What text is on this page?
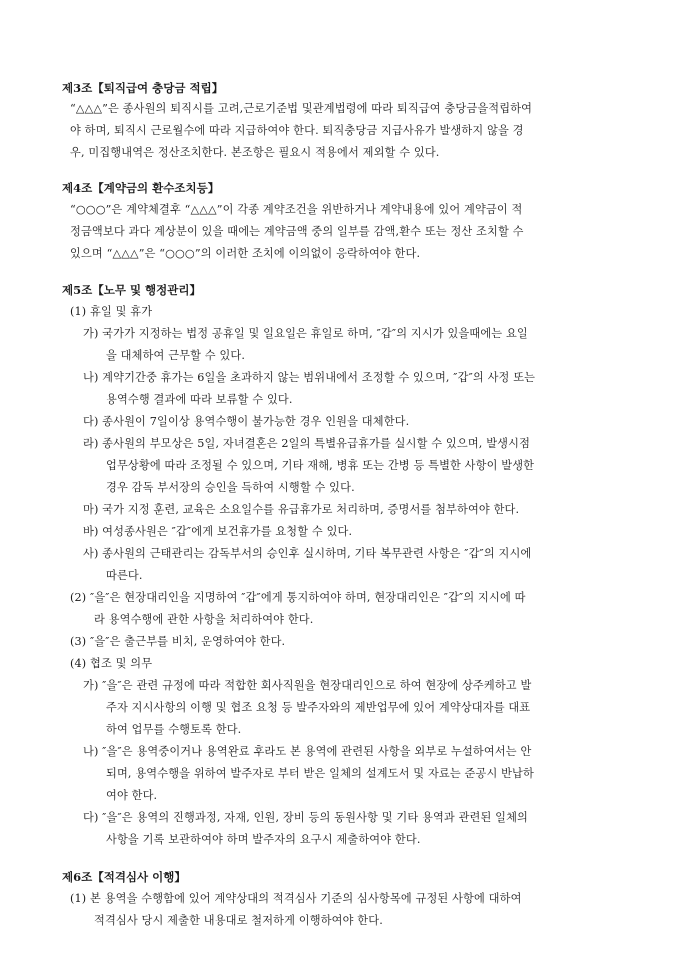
제3조【퇴직급여 충당금 적립】
“△△△”은 종사원의 퇴직시를 고려,근로기준법 및관계법령에 따라 퇴직급여 충당금을적립하여
야 하며, 퇴직시 근로월수에 따라 지급하여야 한다. 퇴직충당금 지급사유가 발생하지 않을 경
우, 미집행내역은 정산조치한다. 본조항은 필요시 적용에서 제외할 수 있다.
제4조【계약금의 환수조치등】
“○○○”은 계약체결후 “△△△”이 각종 계약조건을 위반하거나 계약내용에 있어 계약금이 적
정금액보다 과다 계상분이 있을 때에는 계약금액 중의 일부를 감액,환수 또는 정산 조치할 수
있으며 “△△△”은 “○○○”의 이러한 조치에 이의없이 응락하여야 한다.
제5조【노무 및 행정관리】
(1) 휴일 및 휴가
가) 국가가 지정하는 법정 공휴일 및 일요일은 휴일로 하며, ″갑″의 지시가 있을때에는 요일
을 대체하여 근무할 수 있다.
나) 계약기간중 휴가는 6일을 초과하지 않는 범위내에서 조정할 수 있으며, ″갑″의 사정 또는
용역수행 결과에 따라 보류할 수 있다.
다) 종사원이 7일이상 용역수행이 불가능한 경우 인원을 대체한다.
라) 종사원의 부모상은 5일, 자녀결혼은 2일의 특별유급휴가를 실시할 수 있으며, 발생시점
업무상황에 따라 조정될 수 있으며, 기타 재해, 병휴 또는 간병 등 특별한 사항이 발생한
경우 감독 부서장의 승인을 득하여 시행할 수 있다.
마) 국가 지정 훈련, 교육은 소요일수를 유급휴가로 처리하며, 증명서를 첨부하여야 한다.
바) 여성종사원은 ″갑″에게 보건휴가를 요청할 수 있다.
사) 종사원의 근태관리는 감독부서의 승인후 실시하며, 기타 복무관련 사항은 ″갑″의 지시에
따른다.
(2) ″을″은 현장대리인을 지명하여 ″갑″에게 통지하여야 하며, 현장대리인은 ″갑″의 지시에 따
라 용역수행에 관한 사항을 처리하여야 한다.
(3) ″을″은 출근부를 비치, 운영하여야 한다.
(4) 협조 및 의무
가) ″을″은 관련 규정에 따라 적합한 회사직원을 현장대리인으로 하여 현장에 상주케하고 발
주자 지시사항의 이행 및 협조 요청 등 발주자와의 제반업무에 있어 계약상대자를 대표
하여 업무를 수행토록 한다.
나) ″을″은 용역중이거나 용역완료 후라도 본 용역에 관련된 사항을 외부로 누설하여서는 안
되며, 용역수행을 위하여 발주자로 부터 받은 일체의 설계도서 및 자료는 준공시 반납하
여야 한다.
다) ″을″은 용역의 진행과정, 자재, 인원, 장비 등의 동원사항 및 기타 용역과 관련된 일체의
사항을 기록 보관하여야 하며 발주자의 요구시 제출하여야 한다.
제6조【적격심사 이행】
(1) 본 용역을 수행함에 있어 계약상대의 적격심사 기준의 심사항목에 규정된 사항에 대하여
적격심사 당시 제출한 내용대로 철저하게 이행하여야 한다.
